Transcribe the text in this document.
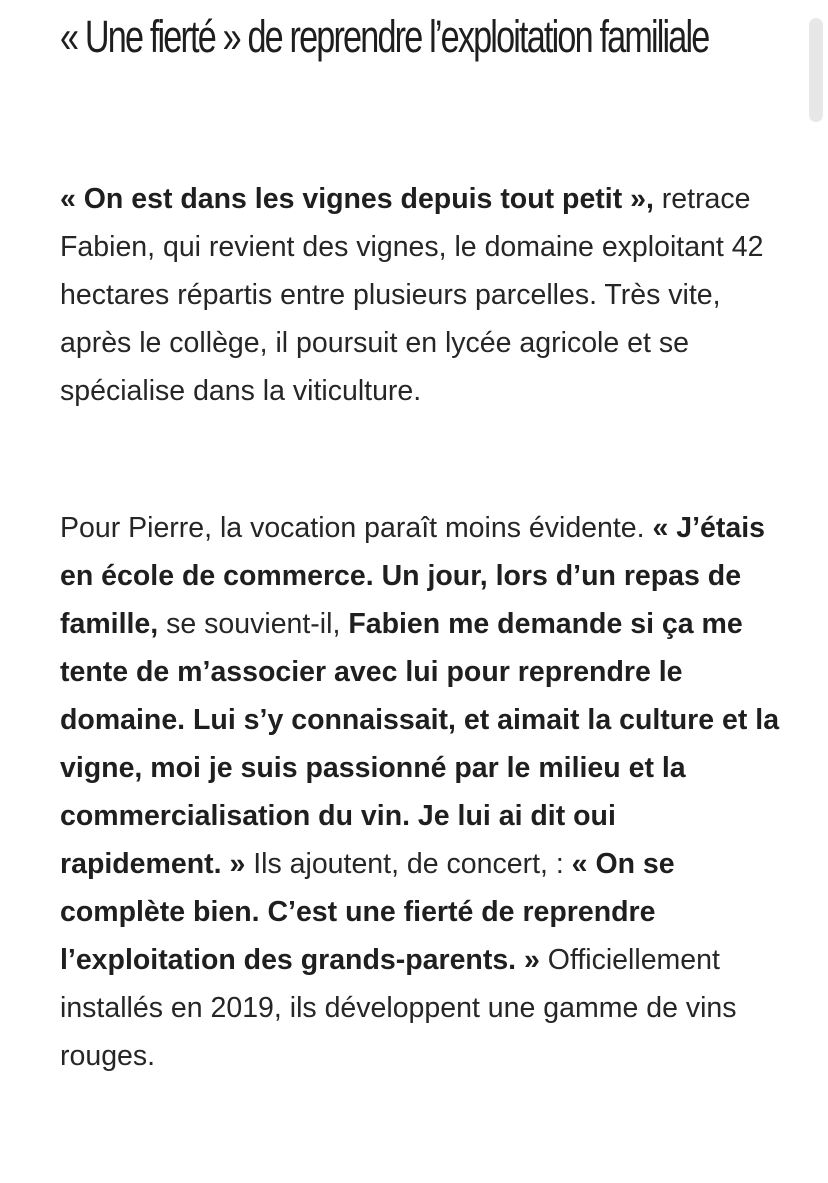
« Une fierté » de reprendre l’exploitation familiale

« On est dans les vignes depuis tout petit », retrace Fabien, qui revient des vignes, le domaine exploitant 42 hectares répartis entre plusieurs parcelles. Très vite, après le collège, il poursuit en lycée agricole et se spécialise dans la viticulture.

Pour Pierre, la vocation paraît moins évidente. « J’étais en école de commerce. Un jour, lors d’un repas de famille, se souvient-il, Fabien me demande si ça me tente de m’associer avec lui pour reprendre le domaine. Lui s’y connaissait, et aimait la culture et la vigne, moi je suis passionné par le milieu et la commercialisation du vin. Je lui ai dit oui rapidement. » Ils ajoutent, de concert, : « On se complète bien. C’est une fierté de reprendre l’exploitation des grands-parents. » Officiellement installés en 2019, ils développent une gamme de vins rouges.
